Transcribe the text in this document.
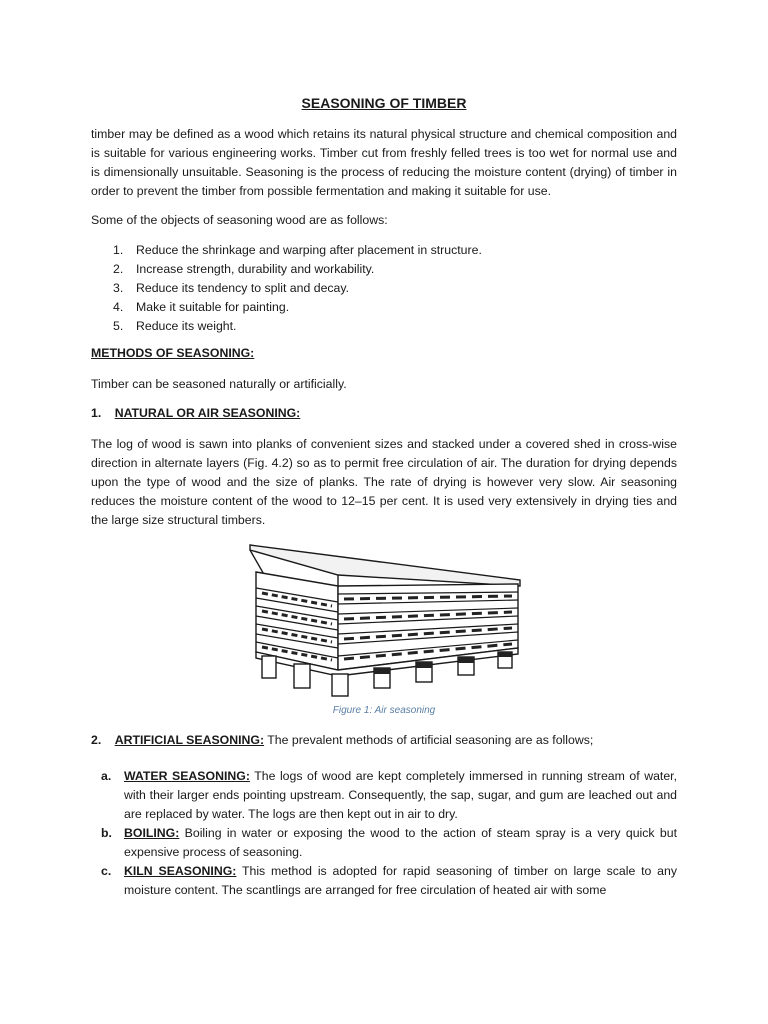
SEASONING OF TIMBER

timber may be defined as a wood which retains its natural physical structure and chemical composition and is suitable for various engineering works. Timber cut from freshly felled trees is too wet for normal use and is dimensionally unsuitable. Seasoning is the process of reducing the moisture content (drying) of timber in order to prevent the timber from possible fermentation and making it suitable for use.

Some of the objects of seasoning wood are as follows:
1. Reduce the shrinkage and warping after placement in structure.
2. Increase strength, durability and workability.
3. Reduce its tendency to split and decay.
4. Make it suitable for painting.
5. Reduce its weight.
METHODS OF SEASONING:
Timber can be seasoned naturally or artificially.
1. NATURAL OR AIR SEASONING:

The log of wood is sawn into planks of convenient sizes and stacked under a covered shed in cross-wise direction in alternate layers (Fig. 4.2) so as to permit free circulation of air. The duration for drying depends upon the type of wood and the size of planks. The rate of drying is however very slow. Air seasoning reduces the moisture content of the wood to 12–15 per cent. It is used very extensively in drying ties and the large size structural timbers.

Figure 1: Air seasoning
2. ARTIFICIAL SEASONING: The prevalent methods of artificial seasoning are as follows;
a. WATER SEASONING: The logs of wood are kept completely immersed in running stream of water, with their larger ends pointing upstream. Consequently, the sap, sugar, and gum are leached out and are replaced by water. The logs are then kept out in air to dry.
b. BOILING: Boiling in water or exposing the wood to the action of steam spray is a very quick but expensive process of seasoning.
c. KILN SEASONING: This method is adopted for rapid seasoning of timber on large scale to any moisture content. The scantlings are arranged for free circulation of heated air with some
